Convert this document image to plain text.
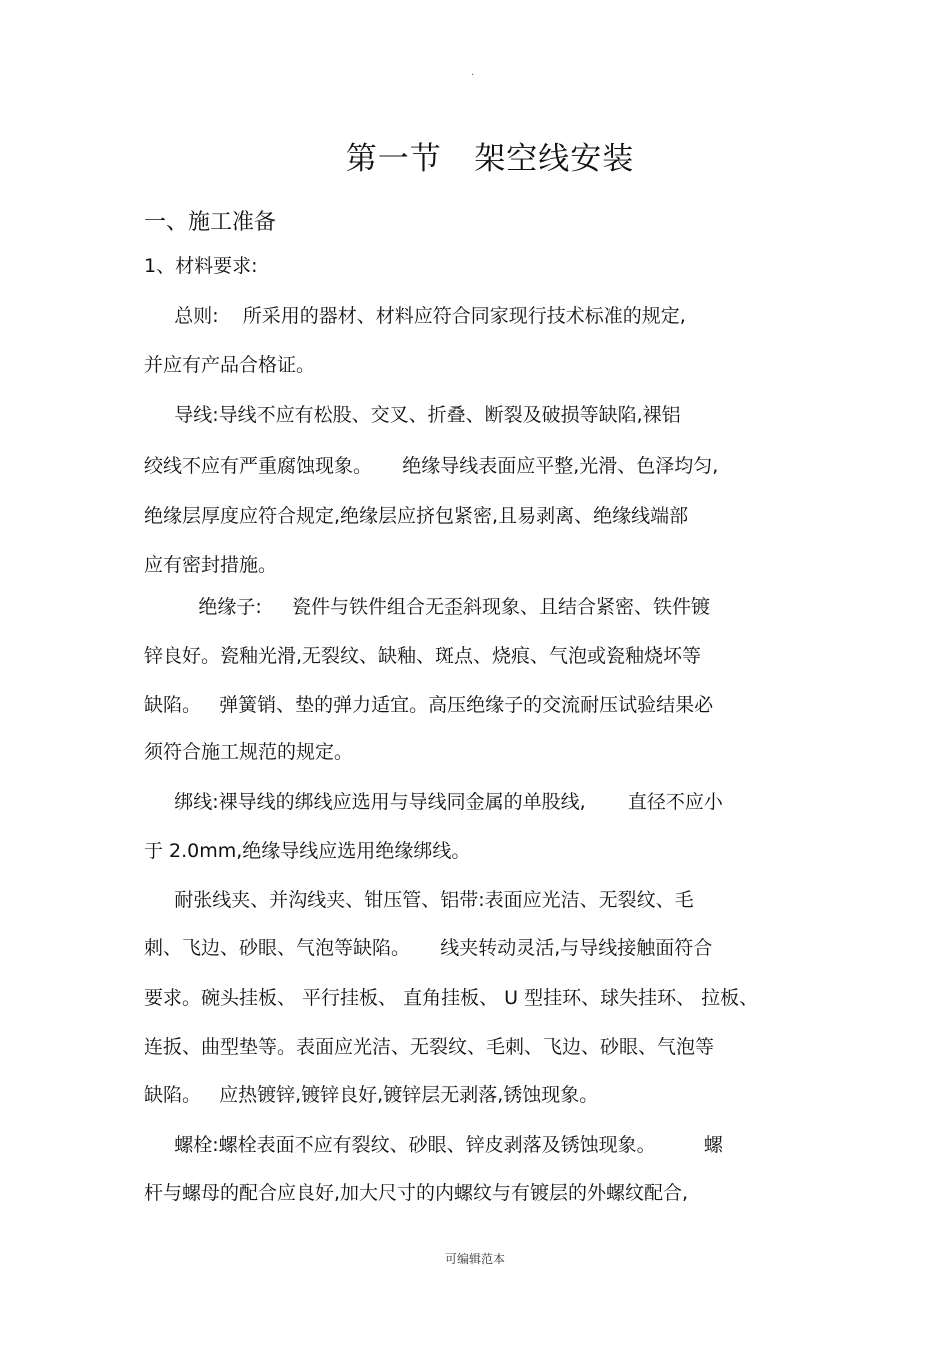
·
第一节   架空线安装
一、施工准备
1、材料要求:
总则:    所采用的器材、材料应符合同家现行技术标准的规定,
并应有产品合格证。
导线:导线不应有松股、交叉、折叠、断裂及破损等缺陷,裸铝
绞线不应有严重腐蚀现象。     绝缘导线表面应平整,光滑、色泽均匀,
绝缘层厚度应符合规定,绝缘层应挤包紧密,且易剥离、绝缘线端部
应有密封措施。
绝缘子:     瓷件与铁件组合无歪斜现象、且结合紧密、铁件镀
锌良好。瓷釉光滑,无裂纹、缺釉、斑点、烧痕、气泡或瓷釉烧坏等
缺陷。   弹簧销、垫的弹力适宜。高压绝缘子的交流耐压试验结果必
须符合施工规范的规定。
绑线:裸导线的绑线应选用与导线同金属的单股线,       直径不应小
于 2.0mm,绝缘导线应选用绝缘绑线。
耐张线夹、并沟线夹、钳压管、铝带:表面应光洁、无裂纹、毛
刺、飞边、砂眼、气泡等缺陷。     线夹转动灵活,与导线接触面符合
要求。碗头挂板、 平行挂板、 直角挂板、 U 型挂环、球失挂环、 拉板、
连扳、曲型垫等。表面应光洁、无裂纹、毛刺、飞边、砂眼、气泡等
缺陷。   应热镀锌,镀锌良好,镀锌层无剥落,锈蚀现象。
螺栓:螺栓表面不应有裂纹、砂眼、锌皮剥落及锈蚀现象。        螺
杆与螺母的配合应良好,加大尺寸的内螺纹与有镀层的外螺纹配合,
可编辑范本
